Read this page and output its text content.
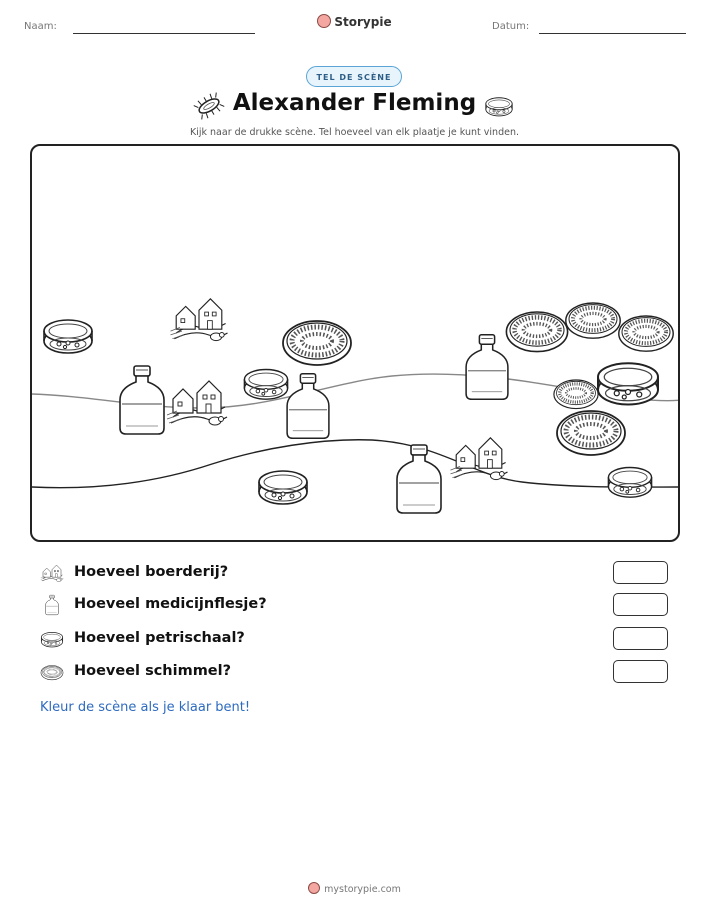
Naam:	Storypie	Datum:
TEL DE SCÈNE
Alexander Fleming
Kijk naar de drukke scène. Tel hoeveel van elk plaatje je kunt vinden.
Hoeveel boerderij?
Hoeveel medicijnflesje?
Hoeveel petrischaal?
Hoeveel schimmel?
Kleur de scène als je klaar bent!
mystorypie.com
